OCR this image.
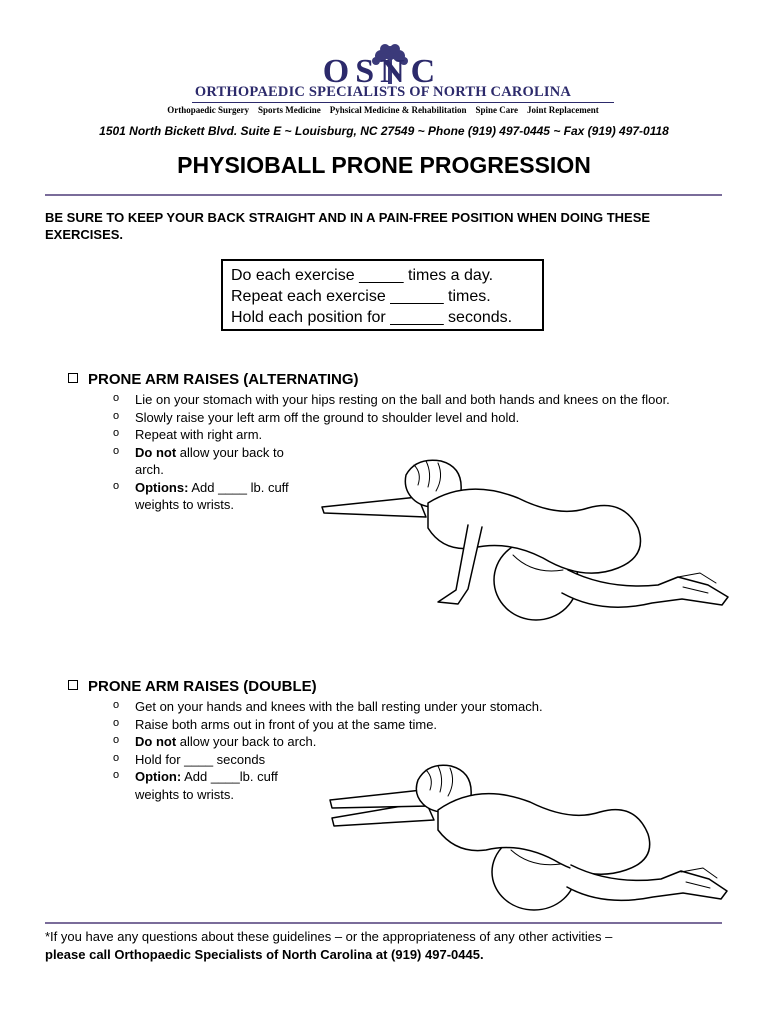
OSNC
ORTHOPAEDIC SPECIALISTS OF NORTH CAROLINA
Orthopaedic Surgery Sports Medicine Pyhsical Medicine & Rehabilitation Spine Care Joint Replacement
1501 North Bickett Blvd. Suite E ~ Louisburg, NC 27549 ~ Phone (919) 497-0445 ~ Fax (919) 497-0118
PHYSIOBALL PRONE PROGRESSION
BE SURE TO KEEP YOUR BACK STRAIGHT AND IN A PAIN-FREE POSITION WHEN DOING THESE EXERCISES.
Do each exercise _____ times a day.
Repeat each exercise ______ times.
Hold each position for ______ seconds.
PRONE ARM RAISES (ALTERNATING)
o Lie on your stomach with your hips resting on the ball and both hands and knees on the floor.
o Slowly raise your left arm off the ground to shoulder level and hold.
o Repeat with right arm.
o Do not allow your back to arch.
o Options: Add ____ lb. cuff weights to wrists.
PRONE ARM RAISES (DOUBLE)
o Get on your hands and knees with the ball resting under your stomach.
o Raise both arms out in front of you at the same time.
o Do not allow your back to arch.
o Hold for ____ seconds
o Option: Add ____lb. cuff weights to wrists.
*If you have any questions about these guidelines – or the appropriateness of any other activities –
please call Orthopaedic Specialists of North Carolina at (919) 497-0445.
